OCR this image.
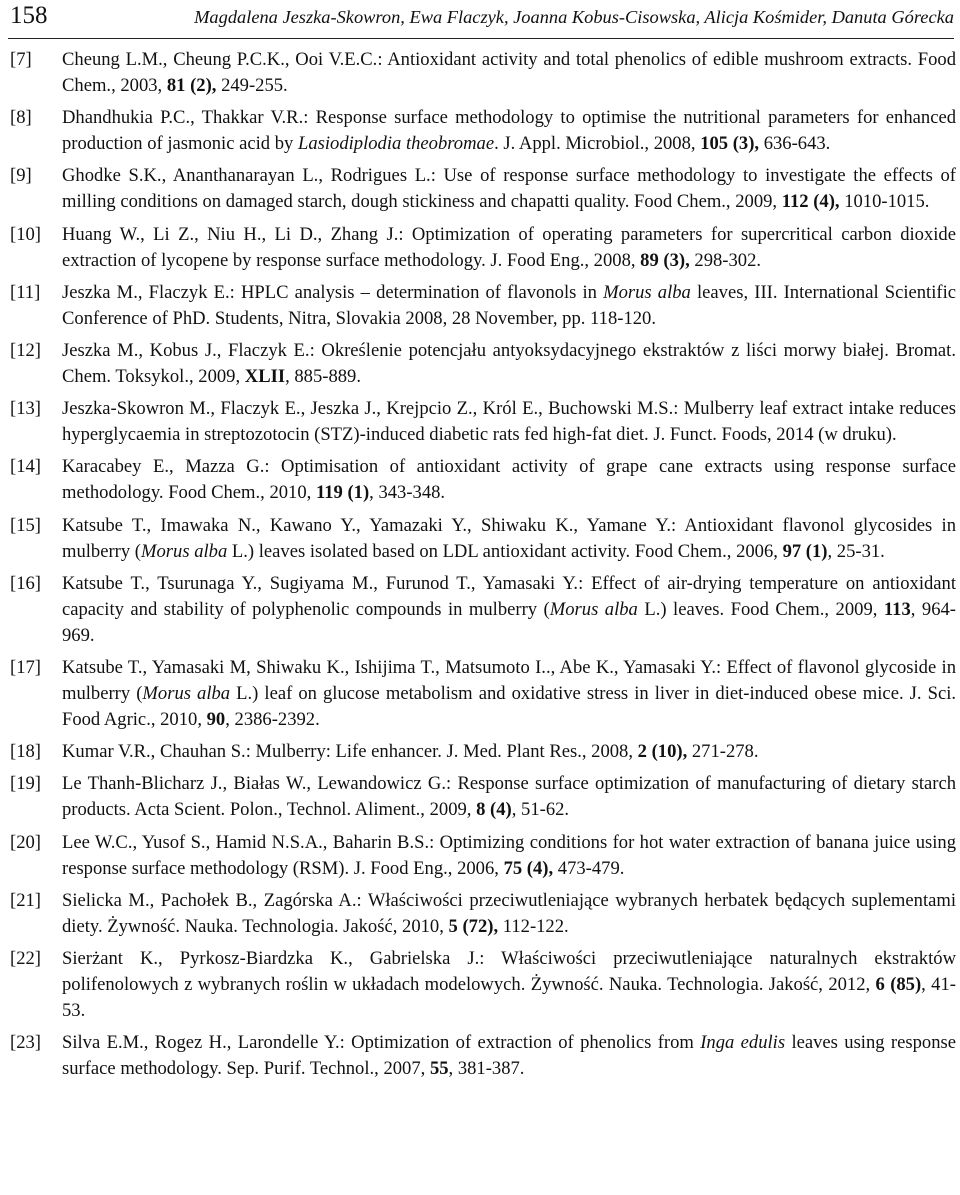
158	Magdalena Jeszka-Skowron, Ewa Flaczyk, Joanna Kobus-Cisowska, Alicja Kośmider, Danuta Górecka
[7] Cheung L.M., Cheung P.C.K., Ooi V.E.C.: Antioxidant activity and total phenolics of edible mushroom extracts. Food Chem., 2003, 81 (2), 249-255.
[8] Dhandhukia P.C., Thakkar V.R.: Response surface methodology to optimise the nutritional parameters for enhanced production of jasmonic acid by Lasiodiplodia theobromae. J. Appl. Microbiol., 2008, 105 (3), 636-643.
[9] Ghodke S.K., Ananthanarayan L., Rodrigues L.: Use of response surface methodology to investigate the effects of milling conditions on damaged starch, dough stickiness and chapatti quality. Food Chem., 2009, 112 (4), 1010-1015.
[10] Huang W., Li Z., Niu H., Li D., Zhang J.: Optimization of operating parameters for supercritical carbon dioxide extraction of lycopene by response surface methodology. J. Food Eng., 2008, 89 (3), 298-302.
[11] Jeszka M., Flaczyk E.: HPLC analysis – determination of flavonols in Morus alba leaves, III. International Scientific Conference of PhD. Students, Nitra, Slovakia 2008, 28 November, pp. 118-120.
[12] Jeszka M., Kobus J., Flaczyk E.: Określenie potencjału antyoksydacyjnego ekstraktów z liści morwy białej. Bromat. Chem. Toksykol., 2009, XLII, 885-889.
[13] Jeszka-Skowron M., Flaczyk E., Jeszka J., Krejpcio Z., Król E., Buchowski M.S.: Mulberry leaf extract intake reduces hyperglycaemia in streptozotocin (STZ)-induced diabetic rats fed high-fat diet. J. Funct. Foods, 2014 (w druku).
[14] Karacabey E., Mazza G.: Optimisation of antioxidant activity of grape cane extracts using response surface methodology. Food Chem., 2010, 119 (1), 343-348.
[15] Katsube T., Imawaka N., Kawano Y., Yamazaki Y., Shiwaku K., Yamane Y.: Antioxidant flavonol glycosides in mulberry (Morus alba L.) leaves isolated based on LDL antioxidant activity. Food Chem., 2006, 97 (1), 25-31.
[16] Katsube T., Tsurunaga Y., Sugiyama M., Furunod T., Yamasaki Y.: Effect of air-drying temperature on antioxidant capacity and stability of polyphenolic compounds in mulberry (Morus alba L.) leaves. Food Chem., 2009, 113, 964-969.
[17] Katsube T., Yamasaki M, Shiwaku K., Ishijima T., Matsumoto I.., Abe K., Yamasaki Y.: Effect of flavonol glycoside in mulberry (Morus alba L.) leaf on glucose metabolism and oxidative stress in liver in diet-induced obese mice. J. Sci. Food Agric., 2010, 90, 2386-2392.
[18] Kumar V.R., Chauhan S.: Mulberry: Life enhancer. J. Med. Plant Res., 2008, 2 (10), 271-278.
[19] Le Thanh-Blicharz J., Białas W., Lewandowicz G.: Response surface optimization of manufacturing of dietary starch products. Acta Scient. Polon., Technol. Aliment., 2009, 8 (4), 51-62.
[20] Lee W.C., Yusof S., Hamid N.S.A., Baharin B.S.: Optimizing conditions for hot water extraction of banana juice using response surface methodology (RSM). J. Food Eng., 2006, 75 (4), 473-479.
[21] Sielicka M., Pachołek B., Zagórska A.: Właściwości przeciwutleniające wybranych herbatek będących suplementami diety. Żywność. Nauka. Technologia. Jakość, 2010, 5 (72), 112-122.
[22] Sierżant K., Pyrkosz-Biardzka K., Gabrielska J.: Właściwości przeciwutleniające naturalnych ekstraktów polifenolowych z wybranych roślin w układach modelowych. Żywność. Nauka. Technologia. Jakość, 2012, 6 (85), 41-53.
[23] Silva E.M., Rogez H., Larondelle Y.: Optimization of extraction of phenolics from Inga edulis leaves using response surface methodology. Sep. Purif. Technol., 2007, 55, 381-387.
